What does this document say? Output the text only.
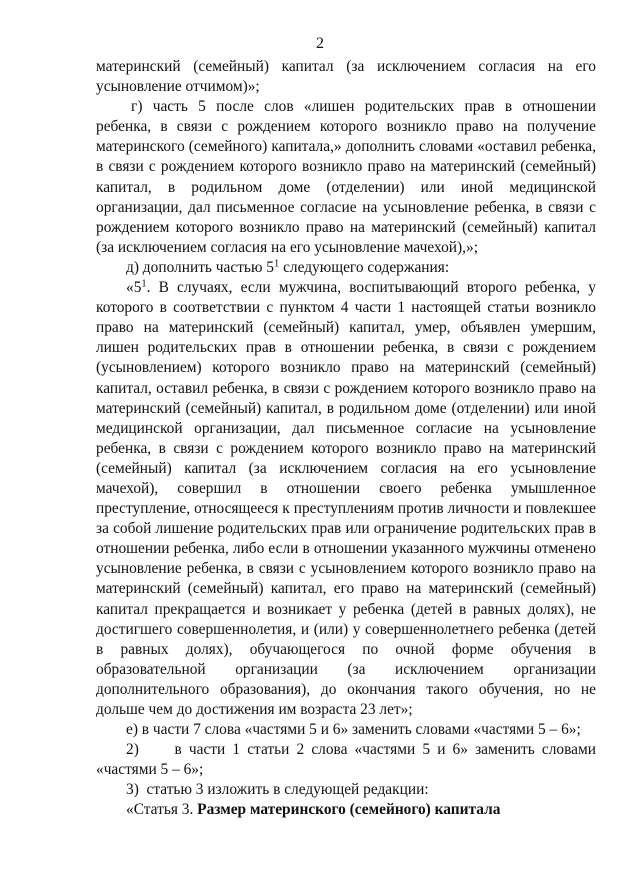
2

материнский (семейный) капитал (за исключением согласия на его усыновление отчимом)»;

г) часть 5 после слов «лишен родительских прав в отношении ребенка, в связи с рождением которого возникло право на получение материнского (семейного) капитала,» дополнить словами «оставил ребенка, в связи с рождением которого возникло право на материнский (семейный) капитал, в родильном доме (отделении) или иной медицинской организации, дал письменное согласие на усыновление ребенка, в связи с рождением которого возникло право на материнский (семейный) капитал (за исключением согласия на его усыновление мачехой),»;

д) дополнить частью $5^1$ следующего содержания:

«$5^1$. В случаях, если мужчина, воспитывающий второго ребенка, у которого в соответствии с пунктом 4 части 1 настоящей статьи возникло право на материнский (семейный) капитал, умер, объявлен умершим, лишен родительских прав в отношении ребенка, в связи с рождением (усыновлением) которого возникло право на материнский (семейный) капитал, оставил ребенка, в связи с рождением которого возникло право на материнский (семейный) капитал, в родильном доме (отделении) или иной медицинской организации, дал письменное согласие на усыновление ребенка, в связи с рождением которого возникло право на материнский (семейный) капитал (за исключением согласия на его усыновление мачехой), совершил в отношении своего ребенка умышленное преступление, относящееся к преступлениям против личности и повлекшее за собой лишение родительских прав или ограничение родительских прав в отношении ребенка, либо если в отношении указанного мужчины отменено усыновление ребенка, в связи с усыновлением которого возникло право на материнский (семейный) капитал, его право на материнский (семейный) капитал прекращается и возникает у ребенка (детей в равных долях), не достигшего совершеннолетия, и (или) у совершеннолетнего ребенка (детей в равных долях), обучающегося по очной форме обучения в образовательной организации (за исключением организации дополнительного образования), до окончания такого обучения, но не дольше чем до достижения им возраста 23 лет»;

е) в части 7 слова «частями 5 и 6» заменить словами «частями 5 – 6»;

2)     в части 1 статьи 2 слова «частями 5 и 6» заменить словами «частями 5 – 6»;

3)  статью 3 изложить в следующей редакции:

«Статья 3. Размер материнского (семейного) капитала
